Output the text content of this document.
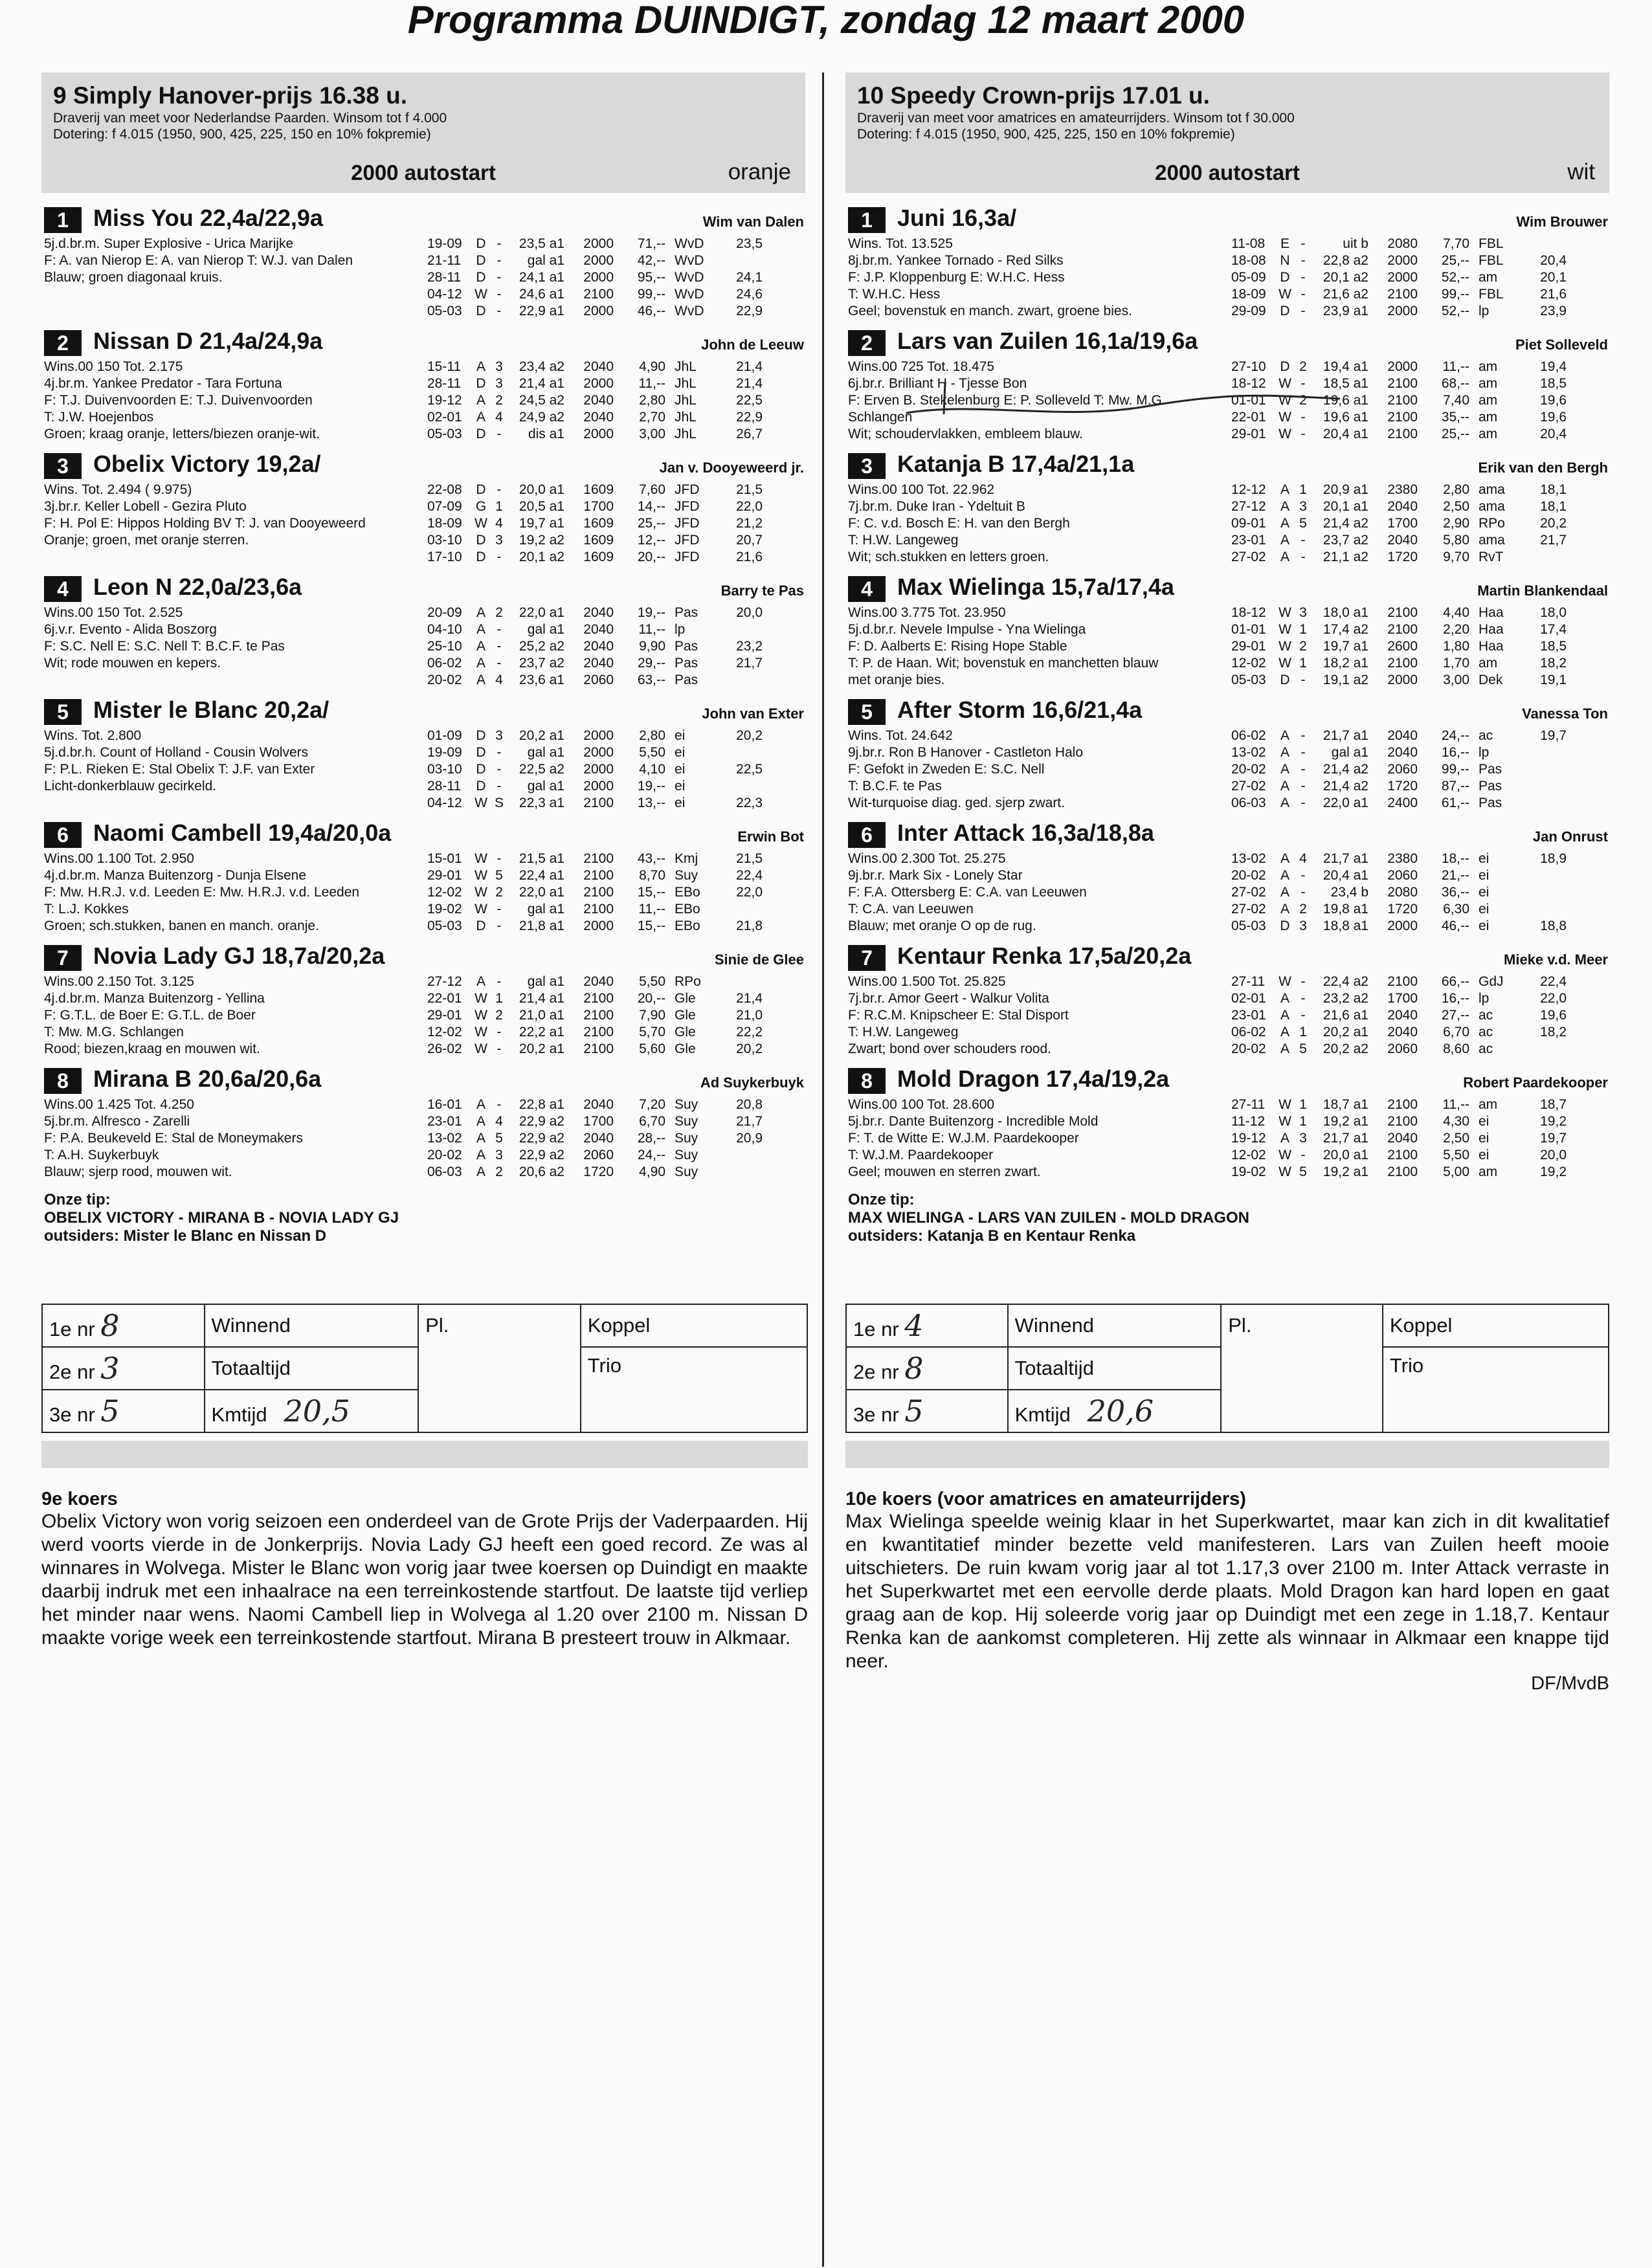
Programma DUINDIGT, zondag 12 maart 2000
9 Simply Hanover-prijs 16.38 u.
Draverij van meet voor Nederlandse Paarden. Winsom tot f 4.000
Dotering: f 4.015 (1950, 900, 425, 225, 150 en 10% fokpremie)
2000 autostart	oranje
1	Miss You 22,4a/22,9a	Wim van Dalen
5j.d.br.m. Super Explosive - Urica Marijke
F: A. van Nierop E: A. van Nierop T: W.J. van Dalen
Blauw; groen diagonaal kruis.
19-09	D	-	23,5 a1	2000	71,--	WvD	23,5
21-11	D	-	gal a1	2000	42,--	WvD	
28-11	D	-	24,1 a1	2000	95,--	WvD	24,1
04-12	W	-	24,6 a1	2100	99,--	WvD	24,6
05-03	D	-	22,9 a1	2000	46,--	WvD	22,9
2	Nissan D 21,4a/24,9a	John de Leeuw
Wins.00 150 Tot. 2.175
4j.br.m. Yankee Predator - Tara Fortuna
F: T.J. Duivenvoorden E: T.J. Duivenvoorden
T: J.W. Hoejenbos
Groen; kraag oranje, letters/biezen oranje-wit.
15-11	A	3	23,4 a2	2040	4,90	JhL	21,4
28-11	D	3	21,4 a1	2000	11,--	JhL	21,4
19-12	A	2	24,5 a2	2040	2,80	JhL	22,5
02-01	A	4	24,9 a2	2040	2,70	JhL	22,9
05-03	D	-	dis a1	2000	3,00	JhL	26,7
3	Obelix Victory 19,2a/	Jan v. Dooyeweerd jr.
Wins. Tot. 2.494 ( 9.975)
3j.br.r. Keller Lobell - Gezira Pluto
F: H. Pol E: Hippos Holding BV T: J. van Dooyeweerd
Oranje; groen, met oranje sterren.
22-08	D	-	20,0 a1	1609	7,60	JFD	21,5
07-09	G	1	20,5 a1	1700	14,--	JFD	22,0
18-09	W	4	19,7 a1	1609	25,--	JFD	21,2
03-10	D	3	19,2 a2	1609	12,--	JFD	20,7
17-10	D	-	20,1 a2	1609	20,--	JFD	21,6
4	Leon N 22,0a/23,6a	Barry te Pas
Wins.00 150 Tot. 2.525
6j.v.r. Evento - Alida Boszorg
F: S.C. Nell E: S.C. Nell T: B.C.F. te Pas
Wit; rode mouwen en kepers.
20-09	A	2	22,0 a1	2040	19,--	Pas	20,0
04-10	A	-	gal a1	2040	11,--	lp	
25-10	A	-	25,2 a2	2040	9,90	Pas	23,2
06-02	A	-	23,7 a2	2040	29,--	Pas	21,7
20-02	A	4	23,6 a1	2060	63,--	Pas	
5	Mister le Blanc 20,2a/	John van Exter
Wins. Tot. 2.800
5j.d.br.h. Count of Holland - Cousin Wolvers
F: P.L. Rieken E: Stal Obelix T: J.F. van Exter
Licht-donkerblauw gecirkeld.
01-09	D	3	20,2 a1	2000	2,80	ei	20,2
19-09	D	-	gal a1	2000	5,50	ei	
03-10	D	-	22,5 a2	2000	4,10	ei	22,5
28-11	D	-	gal a1	2000	19,--	ei	
04-12	W	S	22,3 a1	2100	13,--	ei	22,3
6	Naomi Cambell 19,4a/20,0a	Erwin Bot
Wins.00 1.100 Tot. 2.950
4j.d.br.m. Manza Buitenzorg - Dunja Elsene
F: Mw. H.R.J. v.d. Leeden E: Mw. H.R.J. v.d. Leeden
T: L.J. Kokkes
Groen; sch.stukken, banen en manch. oranje.
15-01	W	-	21,5 a1	2100	43,--	Kmj	21,5
29-01	W	5	22,4 a1	2100	8,70	Suy	22,4
12-02	W	2	22,0 a1	2100	15,--	EBo	22,0
19-02	W	-	gal a1	2100	11,--	EBo	
05-03	D	-	21,8 a1	2000	15,--	EBo	21,8
7	Novia Lady GJ 18,7a/20,2a	Sinie de Glee
Wins.00 2.150 Tot. 3.125
4j.d.br.m. Manza Buitenzorg - Yellina
F: G.T.L. de Boer E: G.T.L. de Boer
T: Mw. M.G. Schlangen
Rood; biezen,kraag en mouwen wit.
27-12	A	-	gal a1	2040	5,50	RPo	
22-01	W	1	21,4 a1	2100	20,--	Gle	21,4
29-01	W	2	21,0 a1	2100	7,90	Gle	21,0
12-02	W	-	22,2 a1	2100	5,70	Gle	22,2
26-02	W	-	20,2 a1	2100	5,60	Gle	20,2
8	Mirana B 20,6a/20,6a	Ad Suykerbuyk
Wins.00 1.425 Tot. 4.250
5j.br.m. Alfresco - Zarelli
F: P.A. Beukeveld E: Stal de Moneymakers
T: A.H. Suykerbuyk
Blauw; sjerp rood, mouwen wit.
16-01	A	-	22,8 a1	2040	7,20	Suy	20,8
23-01	A	4	22,9 a2	1700	6,70	Suy	21,7
13-02	A	5	22,9 a2	2040	28,--	Suy	20,9
20-02	A	3	22,9 a2	2060	24,--	Suy	
06-03	A	2	20,6 a2	1720	4,90	Suy	
Onze tip:
OBELIX VICTORY - MIRANA B - NOVIA LADY GJ
outsiders: Mister le Blanc en Nissan D
10 Speedy Crown-prijs 17.01 u.
Draverij van meet voor amatrices en amateurrijders. Winsom tot f 30.000
Dotering: f 4.015 (1950, 900, 425, 225, 150 en 10% fokpremie)
2000 autostart	wit
1	Juni 16,3a/	Wim Brouwer
Wins. Tot. 13.525
8j.br.m. Yankee Tornado - Red Silks
F: J.P. Kloppenburg E: W.H.C. Hess
T: W.H.C. Hess
Geel; bovenstuk en manch. zwart, groene bies.
11-08	E	-	uit b	2080	7,70	FBL	
18-08	N	-	22,8 a2	2000	25,--	FBL	20,4
05-09	D	-	20,1 a2	2000	52,--	am	20,1
18-09	W	-	21,6 a2	2100	99,--	FBL	21,6
29-09	D	-	23,9 a1	2000	52,--	lp	23,9
2	Lars van Zuilen 16,1a/19,6a	Piet Solleveld
Wins.00 725 Tot. 18.475
6j.br.r. Brilliant H - Tjesse Bon
F: Erven B. Stekelenburg E: P. Solleveld T: Mw. M.G.
Schlangen
Wit; schoudervlakken, embleem blauw.
27-10	D	2	19,4 a1	2000	11,--	am	19,4
18-12	W	-	18,5 a1	2100	68,--	am	18,5
01-01	W	2	19,6 a1	2100	7,40	am	19,6
22-01	W	-	19,6 a1	2100	35,--	am	19,6
29-01	W	-	20,4 a1	2100	25,--	am	20,4
3	Katanja B 17,4a/21,1a	Erik van den Bergh
Wins.00 100 Tot. 22.962
7j.br.m. Duke Iran - Ydeltuit B
F: C. v.d. Bosch E: H. van den Bergh
T: H.W. Langeweg
Wit; sch.stukken en letters groen.
12-12	A	1	20,9 a1	2380	2,80	ama	18,1
27-12	A	3	20,1 a1	2040	2,50	ama	18,1
09-01	A	5	21,4 a2	1700	2,90	RPo	20,2
23-01	A	-	23,7 a2	2040	5,80	ama	21,7
27-02	A	-	21,1 a2	1720	9,70	RvT	
4	Max Wielinga 15,7a/17,4a	Martin Blankendaal
Wins.00 3.775 Tot. 23.950
5j.d.br.r. Nevele Impulse - Yna Wielinga
F: D. Aalberts E: Rising Hope Stable
T: P. de Haan. Wit; bovenstuk en manchetten blauw
met oranje bies.
18-12	W	3	18,0 a1	2100	4,40	Haa	18,0
01-01	W	1	17,4 a2	2100	2,20	Haa	17,4
29-01	W	2	19,7 a1	2600	1,80	Haa	18,5
12-02	W	1	18,2 a1	2100	1,70	am	18,2
05-03	D	-	19,1 a2	2000	3,00	Dek	19,1
5	After Storm 16,6/21,4a	Vanessa Ton
Wins. Tot. 24.642
9j.br.r. Ron B Hanover - Castleton Halo
F: Gefokt in Zweden E: S.C. Nell
T: B.C.F. te Pas
Wit-turquoise diag. ged. sjerp zwart.
06-02	A	-	21,7 a1	2040	24,--	ac	19,7
13-02	A	-	gal a1	2040	16,--	lp	
20-02	A	-	21,4 a2	2060	99,--	Pas	
27-02	A	-	21,4 a2	1720	87,--	Pas	
06-03	A	-	22,0 a1	2400	61,--	Pas	
6	Inter Attack 16,3a/18,8a	Jan Onrust
Wins.00 2.300 Tot. 25.275
9j.br.r. Mark Six - Lonely Star
F: F.A. Ottersberg E: C.A. van Leeuwen
T: C.A. van Leeuwen
Blauw; met oranje O op de rug.
13-02	A	4	21,7 a1	2380	18,--	ei	18,9
20-02	A	-	20,4 a1	2060	21,--	ei	
27-02	A	-	23,4 b	2080	36,--	ei	
27-02	A	2	19,8 a1	1720	6,30	ei	
05-03	D	3	18,8 a1	2000	46,--	ei	18,8
7	Kentaur Renka 17,5a/20,2a	Mieke v.d. Meer
Wins.00 1.500 Tot. 25.825
7j.br.r. Amor Geert - Walkur Volita
F: R.C.M. Knipscheer E: Stal Disport
T: H.W. Langeweg
Zwart; bond over schouders rood.
27-11	W	-	22,4 a2	2100	66,--	GdJ	22,4
02-01	A	-	23,2 a2	1700	16,--	lp	22,0
23-01	A	-	21,6 a1	2040	27,--	ac	19,6
06-02	A	1	20,2 a1	2040	6,70	ac	18,2
20-02	A	5	20,2 a2	2060	8,60	ac	
8	Mold Dragon 17,4a/19,2a	Robert Paardekooper
Wins.00 100 Tot. 28.600
5j.br.r. Dante Buitenzorg - Incredible Mold
F: T. de Witte E: W.J.M. Paardekooper
T: W.J.M. Paardekooper
Geel; mouwen en sterren zwart.
27-11	W	1	18,7 a1	2100	11,--	am	18,7
11-12	W	1	19,2 a1	2100	4,30	ei	19,2
19-12	A	3	21,7 a1	2040	2,50	ei	19,7
12-02	W	-	20,0 a1	2100	5,50	ei	20,0
19-02	W	5	19,2 a1	2100	5,00	am	19,2
Onze tip:
MAX WIELINGA - LARS VAN ZUILEN - MOLD DRAGON
outsiders: Katanja B en Kentaur Renka
1e nr 8	Winnend	Pl.	Koppel
2e nr 3	Totaaltijd		Trio
3e nr 5	Kmtijd 20,5		
1e nr 4	Winnend	Pl.	Koppel
2e nr 8	Totaaltijd		Trio
3e nr 5	Kmtijd 20,6		
9e koers
Obelix Victory won vorig seizoen een onderdeel van de Grote Prijs der Vaderpaarden. Hij werd voorts vierde in de Jonkerprijs. Novia Lady GJ heeft een goed record. Ze was al winnares in Wolvega. Mister le Blanc won vorig jaar twee koersen op Duindigt en maakte daarbij indruk met een inhaalrace na een terreinkostende startfout. De laatste tijd verliep het minder naar wens. Naomi Cambell liep in Wolvega al 1.20 over 2100 m. Nissan D maakte vorige week een terreinkostende startfout. Mirana B presteert trouw in Alkmaar.
10e koers (voor amatrices en amateurrijders)
Max Wielinga speelde weinig klaar in het Superkwartet, maar kan zich in dit kwalitatief en kwantitatief minder bezette veld manifesteren. Lars van Zuilen heeft mooie uitschieters. De ruin kwam vorig jaar al tot 1.17,3 over 2100 m. Inter Attack verraste in het Superkwartet met een eervolle derde plaats. Mold Dragon kan hard lopen en gaat graag aan de kop. Hij soleerde vorig jaar op Duindigt met een zege in 1.18,7. Kentaur Renka kan de aankomst completeren. Hij zette als winnaar in Alkmaar een knappe tijd neer.
DF/MvdB
